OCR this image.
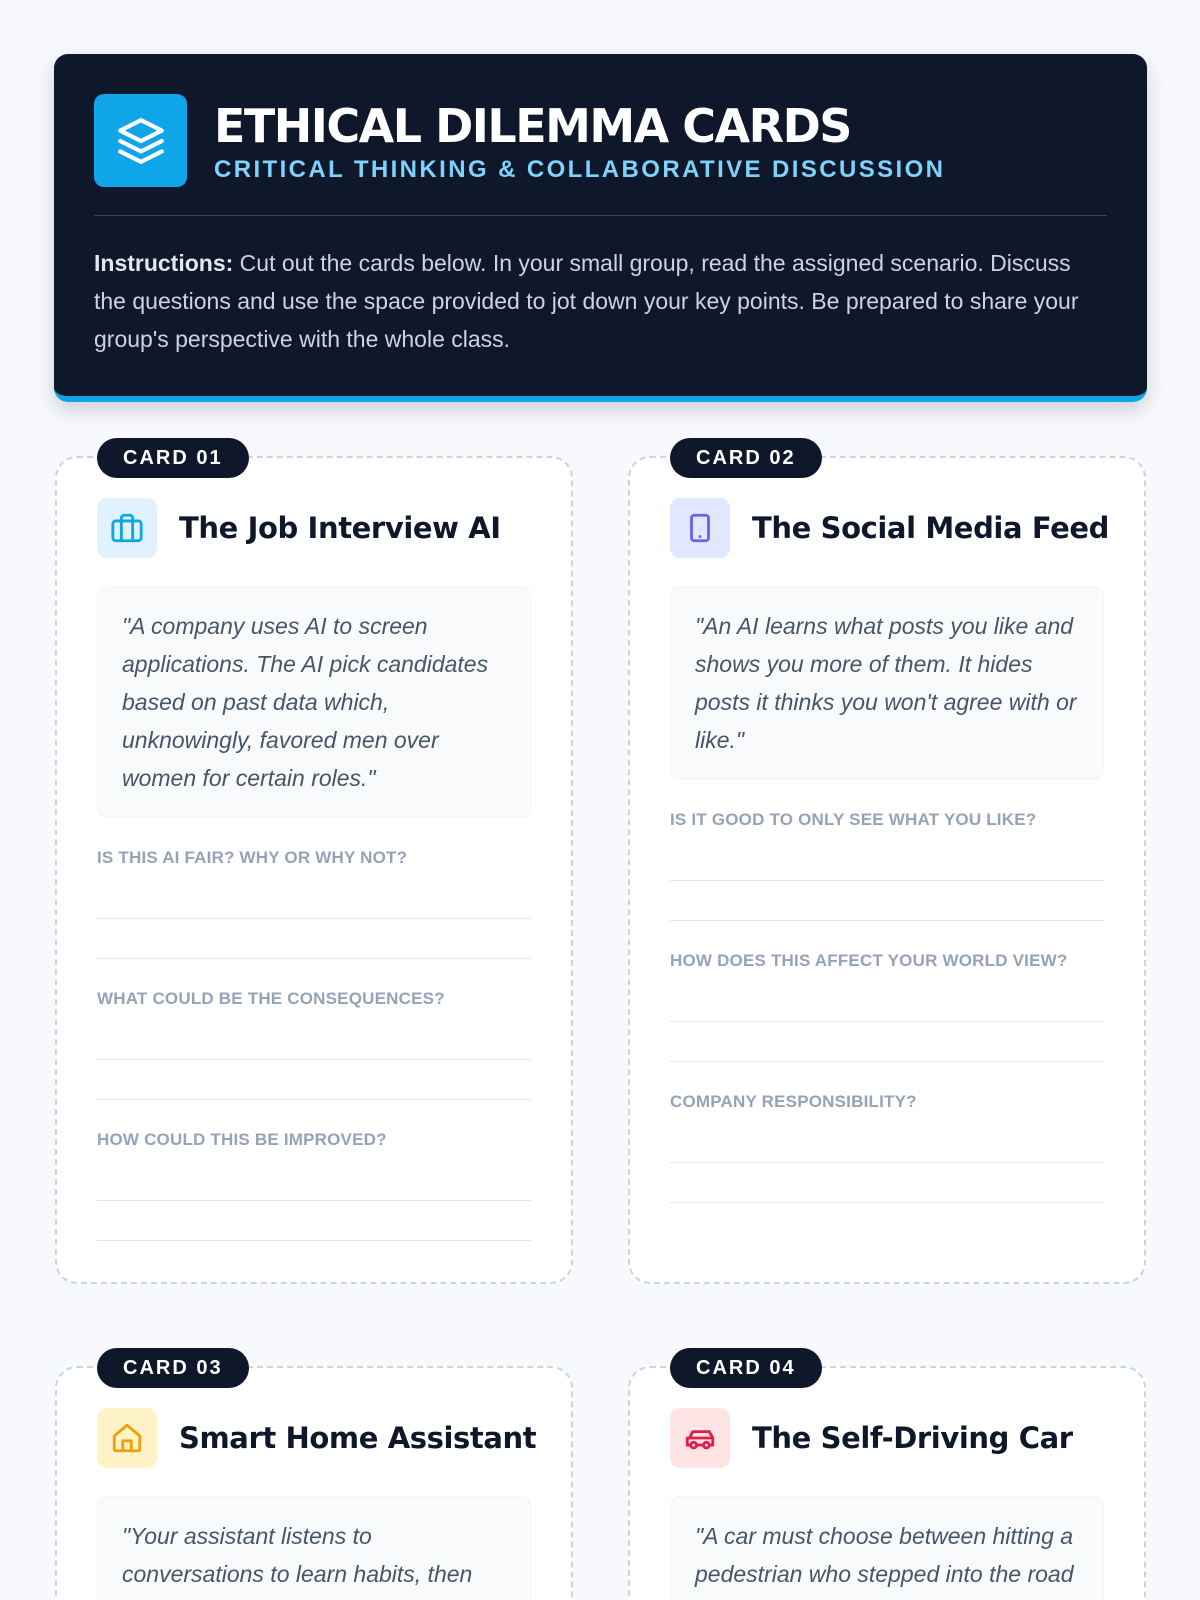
ETHICAL DILEMMA CARDS
CRITICAL THINKING & COLLABORATIVE DISCUSSION

Instructions: Cut out the cards below. In your small group, read the assigned scenario. Discuss the questions and use the space provided to jot down your key points. Be prepared to share your group's perspective with the whole class.

CARD 01
The Job Interview AI
"A company uses AI to screen applications. The AI pick candidates based on past data which, unknowingly, favored men over women for certain roles."
IS THIS AI FAIR? WHY OR WHY NOT?
WHAT COULD BE THE CONSEQUENCES?
HOW COULD THIS BE IMPROVED?
CARD 02
The Social Media Feed
"An AI learns what posts you like and shows you more of them. It hides posts it thinks you won't agree with or like."
IS IT GOOD TO ONLY SEE WHAT YOU LIKE?
HOW DOES THIS AFFECT YOUR WORLD VIEW?
COMPANY RESPONSIBILITY?
CARD 03
Smart Home Assistant
"Your assistant listens to conversations to learn habits, then
CARD 04
The Self-Driving Car
"A car must choose between hitting a pedestrian who stepped into the road
